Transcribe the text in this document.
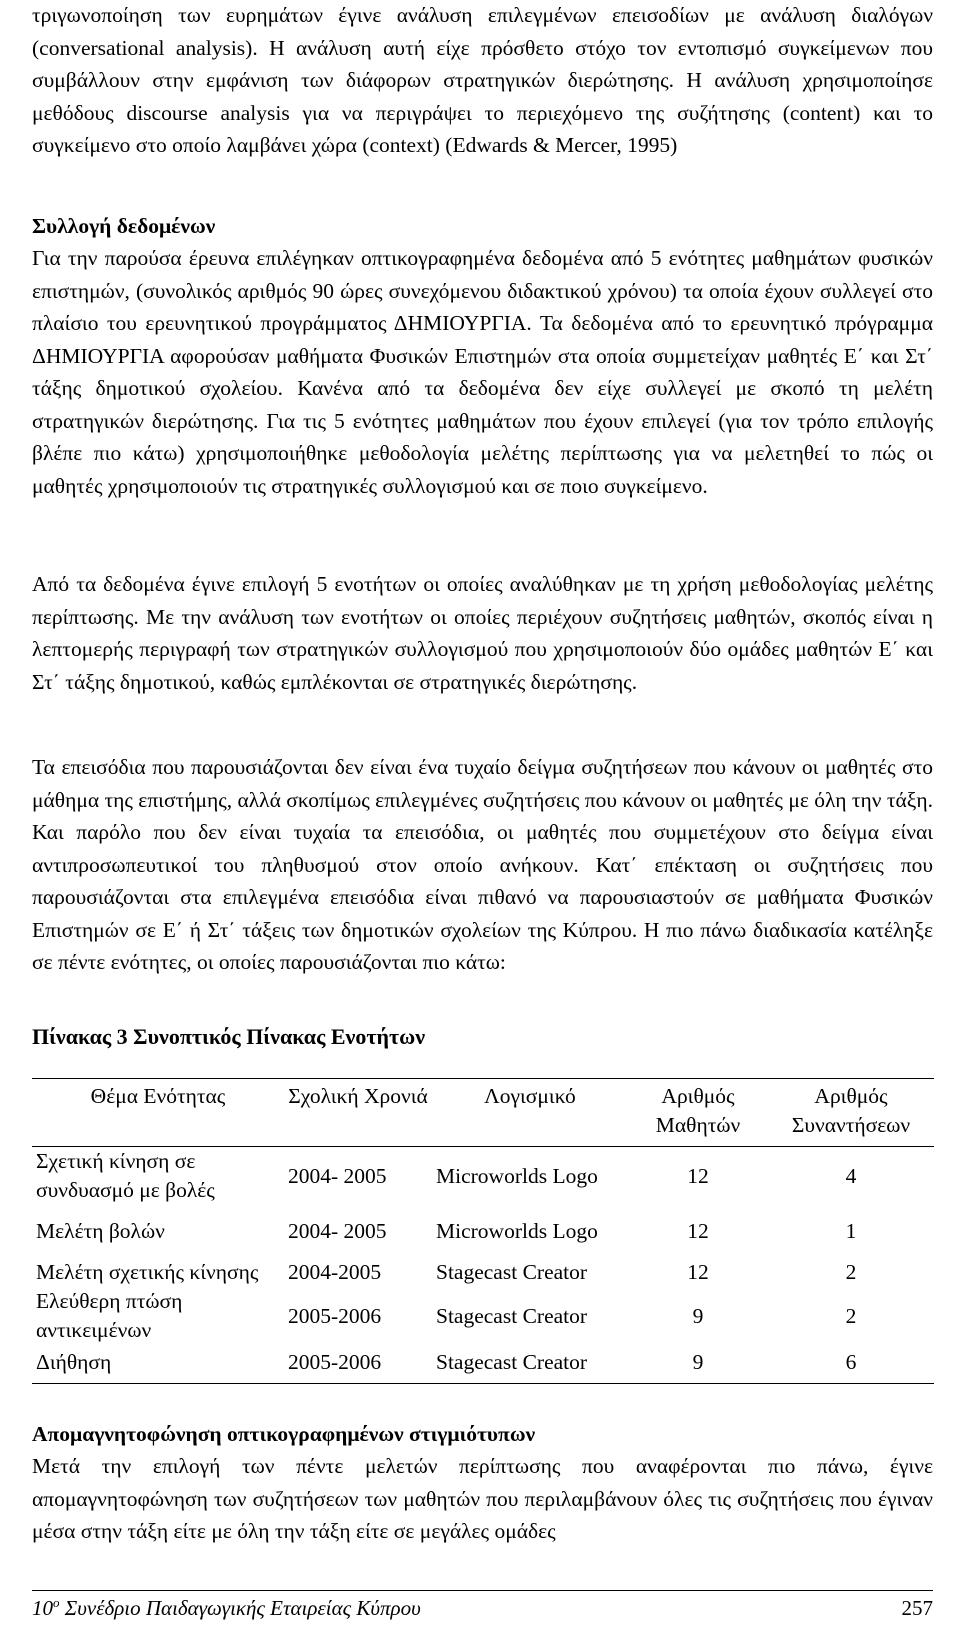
τριγωνοποίηση των ευρημάτων έγινε ανάλυση επιλεγμένων επεισοδίων με ανάλυση διαλόγων (conversational analysis). Η ανάλυση αυτή είχε πρόσθετο στόχο τον εντοπισμό συγκείμενων που συμβάλλουν στην εμφάνιση των διάφορων στρατηγικών διερώτησης. Η ανάλυση χρησιμοποίησε μεθόδους discourse analysis για να περιγράψει το περιεχόμενο της συζήτησης (content) και το συγκείμενο στο οποίο λαμβάνει χώρα (context) (Edwards & Mercer, 1995)

Συλλογή δεδομένων

Για την παρούσα έρευνα επιλέγηκαν οπτικογραφημένα δεδομένα από 5 ενότητες μαθημάτων φυσικών επιστημών, (συνολικός αριθμός 90 ώρες συνεχόμενου διδακτικού χρόνου) τα οποία έχουν συλλεγεί στο πλαίσιο του ερευνητικού προγράμματος ΔΗΜΙΟΥΡΓΙΑ. Τα δεδομένα από το ερευνητικό πρόγραμμα ΔΗΜΙΟΥΡΓΙΑ αφορούσαν μαθήματα Φυσικών Επιστημών στα οποία συμμετείχαν μαθητές Ε΄ και Στ΄ τάξης δημοτικού σχολείου. Κανένα από τα δεδομένα δεν είχε συλλεγεί με σκοπό τη μελέτη στρατηγικών διερώτησης. Για τις 5 ενότητες μαθημάτων που έχουν επιλεγεί (για τον τρόπο επιλογής βλέπε πιο κάτω) χρησιμοποιήθηκε μεθοδολογία μελέτης περίπτωσης για να μελετηθεί το πώς οι μαθητές χρησιμοποιούν τις στρατηγικές συλλογισμού και σε ποιο συγκείμενο.

Από τα δεδομένα έγινε επιλογή 5 ενοτήτων οι οποίες αναλύθηκαν με τη χρήση μεθοδολογίας μελέτης περίπτωσης. Με την ανάλυση των ενοτήτων οι οποίες περιέχουν συζητήσεις μαθητών, σκοπός είναι η λεπτομερής περιγραφή των στρατηγικών συλλογισμού που χρησιμοποιούν δύο ομάδες μαθητών Ε΄ και Στ΄ τάξης δημοτικού, καθώς εμπλέκονται σε στρατηγικές διερώτησης.

Τα επεισόδια που παρουσιάζονται δεν είναι ένα τυχαίο δείγμα συζητήσεων που κάνουν οι μαθητές στο μάθημα της επιστήμης, αλλά σκοπίμως επιλεγμένες συζητήσεις που κάνουν οι μαθητές με όλη την τάξη. Και παρόλο που δεν είναι τυχαία τα επεισόδια, οι μαθητές που συμμετέχουν στο δείγμα είναι αντιπροσωπευτικοί του πληθυσμού στον οποίο ανήκουν. Κατ΄ επέκταση οι συζητήσεις που παρουσιάζονται στα επιλεγμένα επεισόδια είναι πιθανό να παρουσιαστούν σε μαθήματα Φυσικών Επιστημών σε Ε΄ ή Στ΄ τάξεις των δημοτικών σχολείων της Κύπρου. Η πιο πάνω διαδικασία κατέληξε σε πέντε ενότητες, οι οποίες παρουσιάζονται πιο κάτω:

Πίνακας 3 Συνοπτικός Πίνακας Ενοτήτων

Θέμα Ενότητας	Σχολική Χρονιά	Λογισμικό	Αριθμός Μαθητών	Αριθμός Συναντήσεων
Σχετική κίνηση σε συνδυασμό με βολές	2004- 2005	Microworlds Logo	12	4
Μελέτη βολών	2004- 2005	Microworlds Logo	12	1
Μελέτη σχετικής κίνησης	2004-2005	Stagecast Creator	12	2
Ελεύθερη πτώση αντικειμένων	2005-2006	Stagecast Creator	9	2
Διήθηση	2005-2006	Stagecast Creator	9	6

Απομαγνητοφώνηση οπτικογραφημένων στιγμιότυπων

Μετά την επιλογή των πέντε μελετών περίπτωσης που αναφέρονται πιο πάνω, έγινε απομαγνητοφώνηση των συζητήσεων των μαθητών που περιλαμβάνουν όλες τις συζητήσεις που έγιναν μέσα στην τάξη είτε με όλη την τάξη είτε σε μεγάλες ομάδες

$10^o$ Συνέδριο Παιδαγωγικής Εταιρείας Κύπρου	257
